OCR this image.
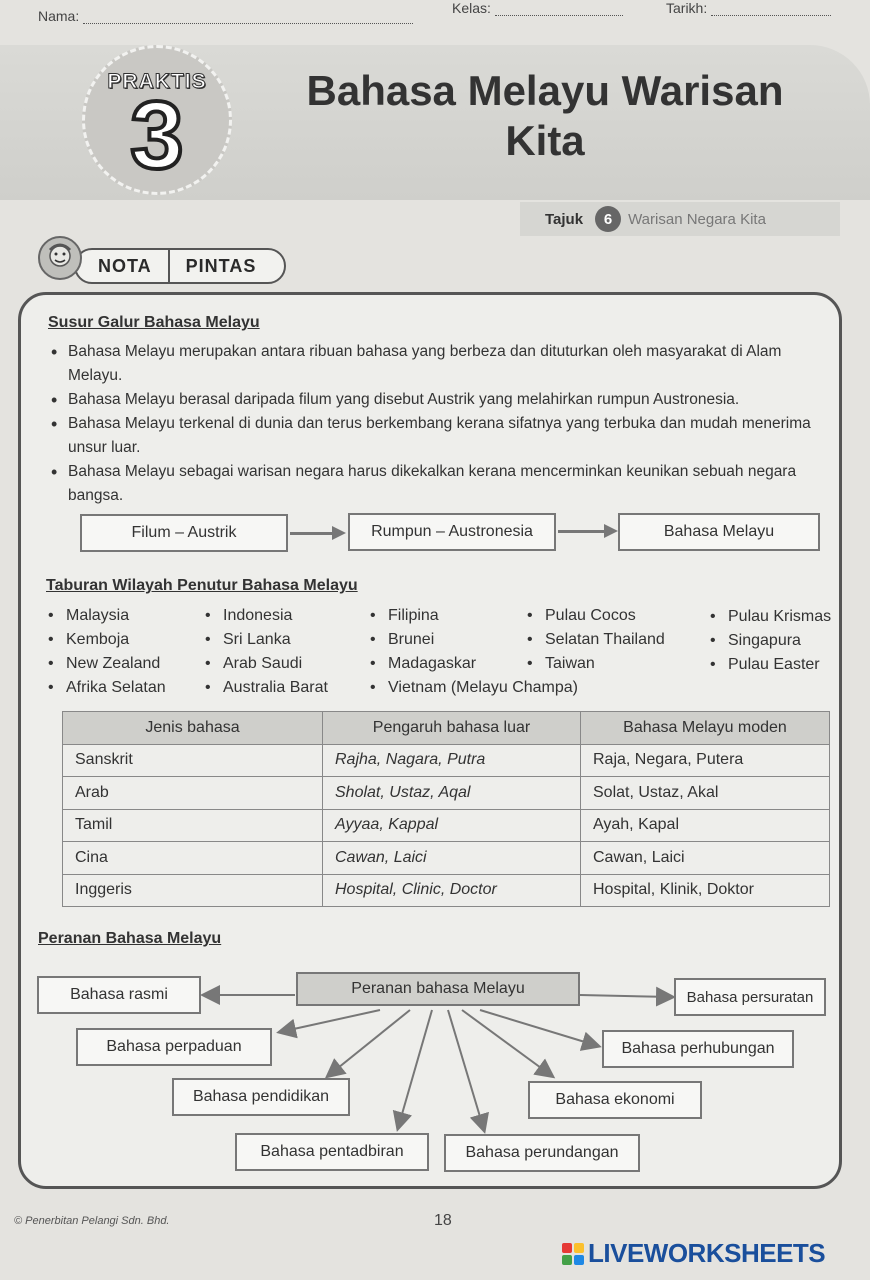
Nama:	Kelas:	Tarikh:
PRAKTIS
3	Bahasa Melayu Warisan
Kita
Tajuk	6	Warisan Negara Kita
NOTA	PINTAS
Susur Galur Bahasa Melayu
• Bahasa Melayu merupakan antara ribuan bahasa yang berbeza dan dituturkan oleh masyarakat di Alam Melayu.
• Bahasa Melayu berasal daripada filum yang disebut Austrik yang melahirkan rumpun Austronesia.
• Bahasa Melayu terkenal di dunia dan terus berkembang kerana sifatnya yang terbuka dan mudah menerima unsur luar.
• Bahasa Melayu sebagai warisan negara harus dikekalkan kerana mencerminkan keunikan sebuah negara bangsa.
Filum – Austrik	Rumpun – Austronesia	Bahasa Melayu
Taburan Wilayah Penutur Bahasa Melayu
• Malaysia
• Kemboja
• New Zealand
• Afrika Selatan
• Indonesia
• Sri Lanka
• Arab Saudi
• Australia Barat
• Filipina
• Brunei
• Madagaskar
• Vietnam (Melayu Champa)
• Pulau Cocos
• Selatan Thailand
• Taiwan
• Pulau Krismas
• Singapura
• Pulau Easter
Jenis bahasa	Pengaruh bahasa luar	Bahasa Melayu moden
Sanskrit	Rajha, Nagara, Putra	Raja, Negara, Putera
Arab	Sholat, Ustaz, Aqal	Solat, Ustaz, Akal
Tamil	Ayyaa, Kappal	Ayah, Kapal
Cina	Cawan, Laici	Cawan, Laici
Inggeris	Hospital, Clinic, Doctor	Hospital, Klinik, Doktor
Peranan Bahasa Melayu
Peranan bahasa Melayu
Bahasa rasmi	Bahasa persuratan
Bahasa perpaduan	Bahasa perhubungan
Bahasa pendidikan	Bahasa ekonomi
Bahasa pentadbiran	Bahasa perundangan
© Penerbitan Pelangi Sdn. Bhd.	18
LIVEWORKSHEETS
